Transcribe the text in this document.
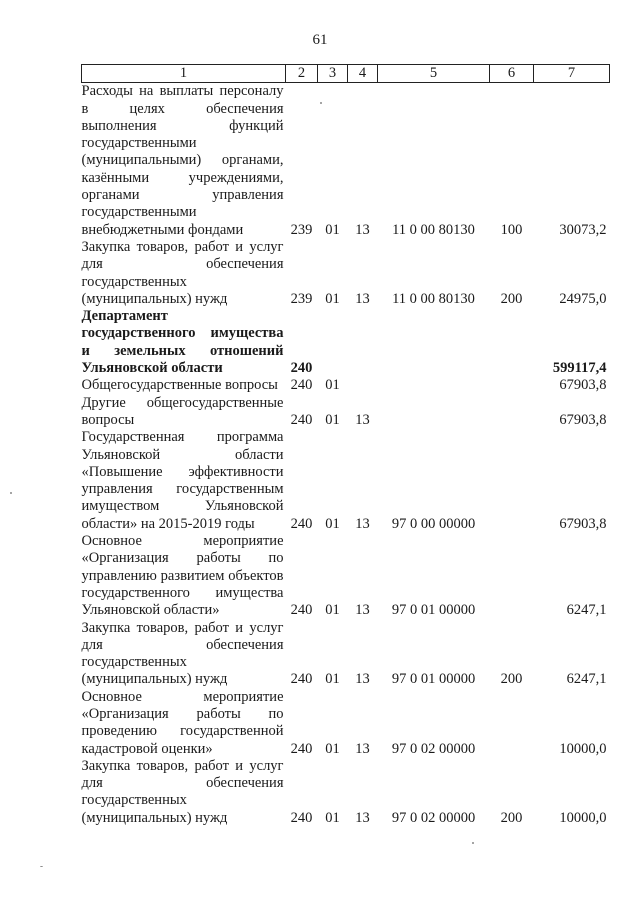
61
1	2	3	4	5	6	7
Расходы на выплаты персоналу в целях обеспечения выполнения функций государственными (муниципальными) органами, казёнными учреждениями, органами управления государственными внебюджетными фондами	239	01	13	11 0 00 80130	100	30073,2
Закупка товаров, работ и услуг для обеспечения государственных (муниципальных) нужд	239	01	13	11 0 00 80130	200	24975,0
Департамент государственного имущества и земельных отношений Ульяновской области	240					599117,4
Общегосударственные вопросы	240	01				67903,8
Другие общегосударственные вопросы	240	01	13			67903,8
Государственная программа Ульяновской области «Повышение эффективности управления государственным имуществом Ульяновской области» на 2015-2019 годы	240	01	13	97 0 00 00000		67903,8
Основное мероприятие «Организация работы по управлению развитием объектов государственного имущества Ульяновской области»	240	01	13	97 0 01 00000		6247,1
Закупка товаров, работ и услуг для обеспечения государственных (муниципальных) нужд	240	01	13	97 0 01 00000	200	6247,1
Основное мероприятие «Организация работы по проведению государственной кадастровой оценки»	240	01	13	97 0 02 00000		10000,0
Закупка товаров, работ и услуг для обеспечения государственных (муниципальных) нужд	240	01	13	97 0 02 00000	200	10000,0
